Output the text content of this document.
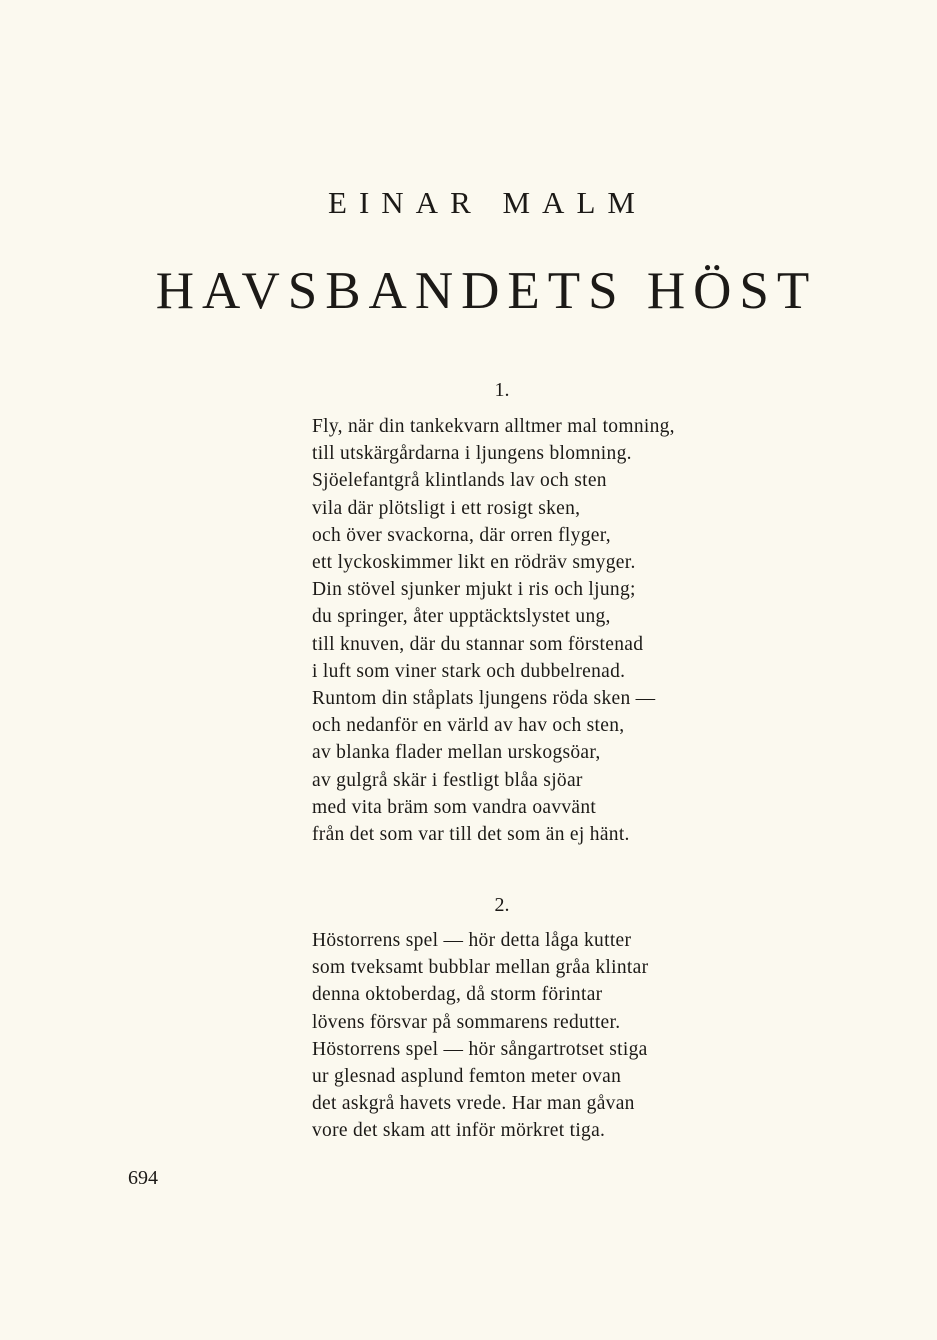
EINAR MALM
HAVSBANDETS HÖST
1.
Fly, när din tankekvarn alltmer mal tomning,
till utskärgårdarna i ljungens blomning.
Sjöelefantgrå klintlands lav och sten
vila där plötsligt i ett rosigt sken,
och över svackorna, där orren flyger,
ett lyckoskimmer likt en rödräv smyger.
Din stövel sjunker mjukt i ris och ljung;
du springer, åter upptäcktslystet ung,
till knuven, där du stannar som förstenad
i luft som viner stark och dubbelrenad.
Runtom din ståplats ljungens röda sken —
och nedanför en värld av hav och sten,
av blanka flader mellan urskogsöar,
av gulgrå skär i festligt blåa sjöar
med vita bräm som vandra oavvänt
från det som var till det som än ej hänt.
2.
Höstorrens spel — hör detta låga kutter
som tveksamt bubblar mellan gråa klintar
denna oktoberdag, då storm förintar
lövens försvar på sommarens redutter.
Höstorrens spel — hör sångartrotset stiga
ur glesnad asplund femton meter ovan
det askgrå havets vrede. Har man gåvan
vore det skam att inför mörkret tiga.
694
